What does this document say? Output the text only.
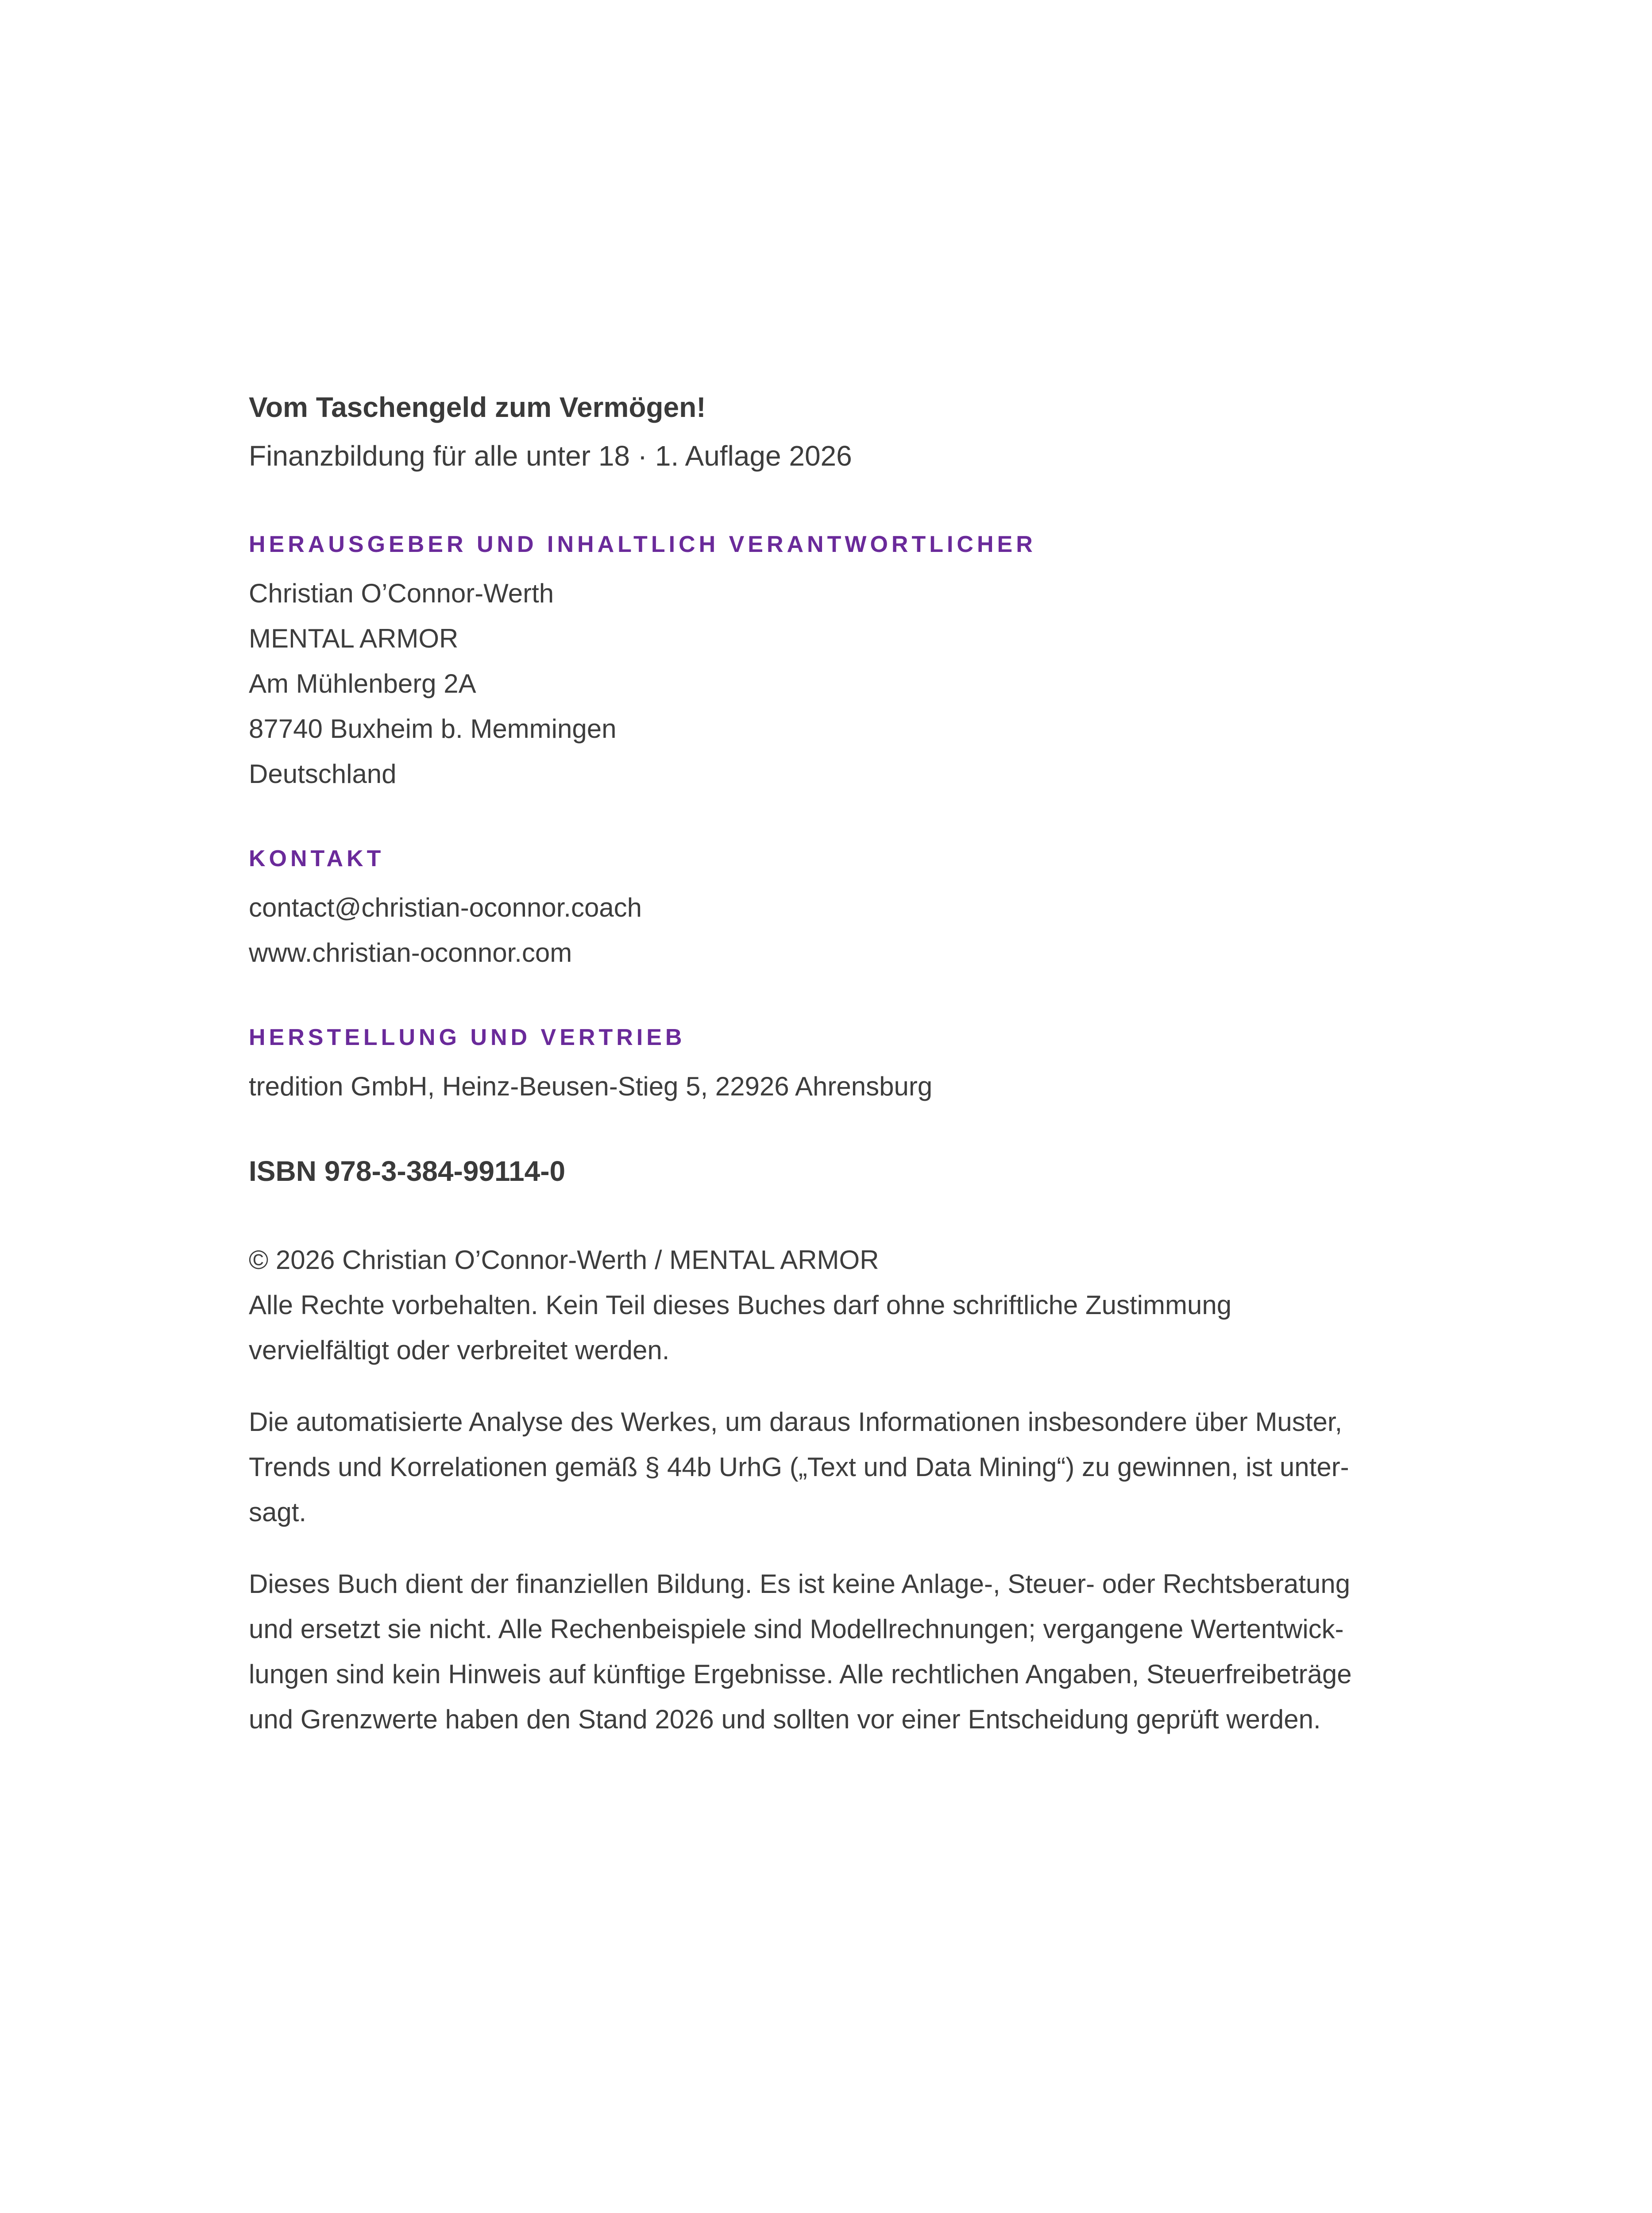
Vom Taschengeld zum Vermögen!

Finanzbildung für alle unter 18 · 1. Auflage 2026

HERAUSGEBER UND INHALTLICH VERANTWORTLICHER

Christian O’Connor-Werth

MENTAL ARMOR

Am Mühlenberg 2A

87740 Buxheim b. Memmingen

Deutschland

KONTAKT

contact@christian-oconnor.coach

www.christian-oconnor.com

HERSTELLUNG UND VERTRIEB

tredition GmbH, Heinz-Beusen-Stieg 5, 22926 Ahrensburg

ISBN 978-3-384-99114-0

© 2026 Christian O’Connor-Werth / MENTAL ARMOR

Alle Rechte vorbehalten. Kein Teil dieses Buches darf ohne schriftliche Zustimmung

vervielfältigt oder verbreitet werden.

Die automatisierte Analyse des Werkes, um daraus Informationen insbesondere über Muster,

Trends und Korrelationen gemäß § 44b UrhG („Text und Data Mining“) zu gewinnen, ist unter-

sagt.

Dieses Buch dient der finanziellen Bildung. Es ist keine Anlage-, Steuer- oder Rechtsberatung

und ersetzt sie nicht. Alle Rechenbeispiele sind Modellrechnungen; vergangene Wertentwick-

lungen sind kein Hinweis auf künftige Ergebnisse. Alle rechtlichen Angaben, Steuerfreibeträge

und Grenzwerte haben den Stand 2026 und sollten vor einer Entscheidung geprüft werden.
